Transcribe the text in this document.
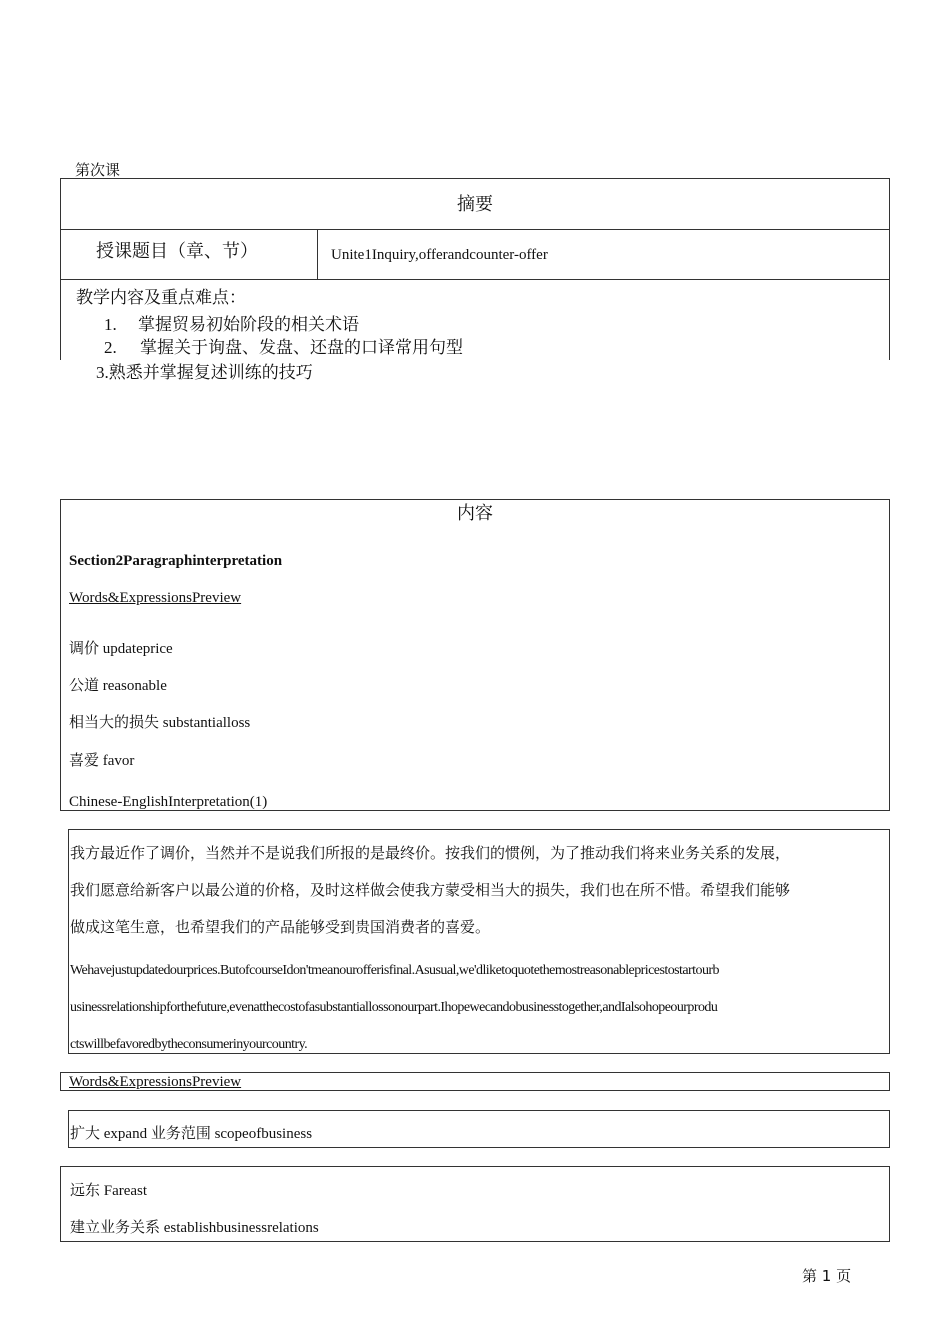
第次课
摘要
授课题目（章、节）	Unite1Inquiry,offerandcounter-offer
教学内容及重点难点：
1. 掌握贸易初始阶段的相关术语
2. 掌握关于询盘、发盘、还盘的口译常用句型
3.熟悉并掌握复述训练的技巧
内容
Section2Paragraphinterpretation
Words&ExpressionsPreview
调价 updateprice
公道 reasonable
相当大的损失 substantialloss
喜爱 favor
Chinese-EnglishInterpretation(1)
我方最近作了调价，当然并不是说我们所报的是最终价。按我们的惯例，为了推动我们将来业务关系的发展，
我们愿意给新客户以最公道的价格，及时这样做会使我方蒙受相当大的损失，我们也在所不惜。希望我们能够
做成这笔生意，也希望我们的产品能够受到贵国消费者的喜爱。
Wehavejustupdatedourprices.ButofcourseIdon'tmeanourofferisfinal.Asusual,we'dliketoquotethemostreasonablepricestostartourb
usinessrelationshipforthefuture,evenatthecostofasubstantiallossonourpart.Ihopewecandobusinesstogether,andIalsohopeourprodu
ctswillbefavoredbytheconsumerinyourcountry.
Words&ExpressionsPreview
扩大 expand 业务范围 scopeofbusiness
远东 Fareast
建立业务关系 establishbusinessrelations
第 1 页
